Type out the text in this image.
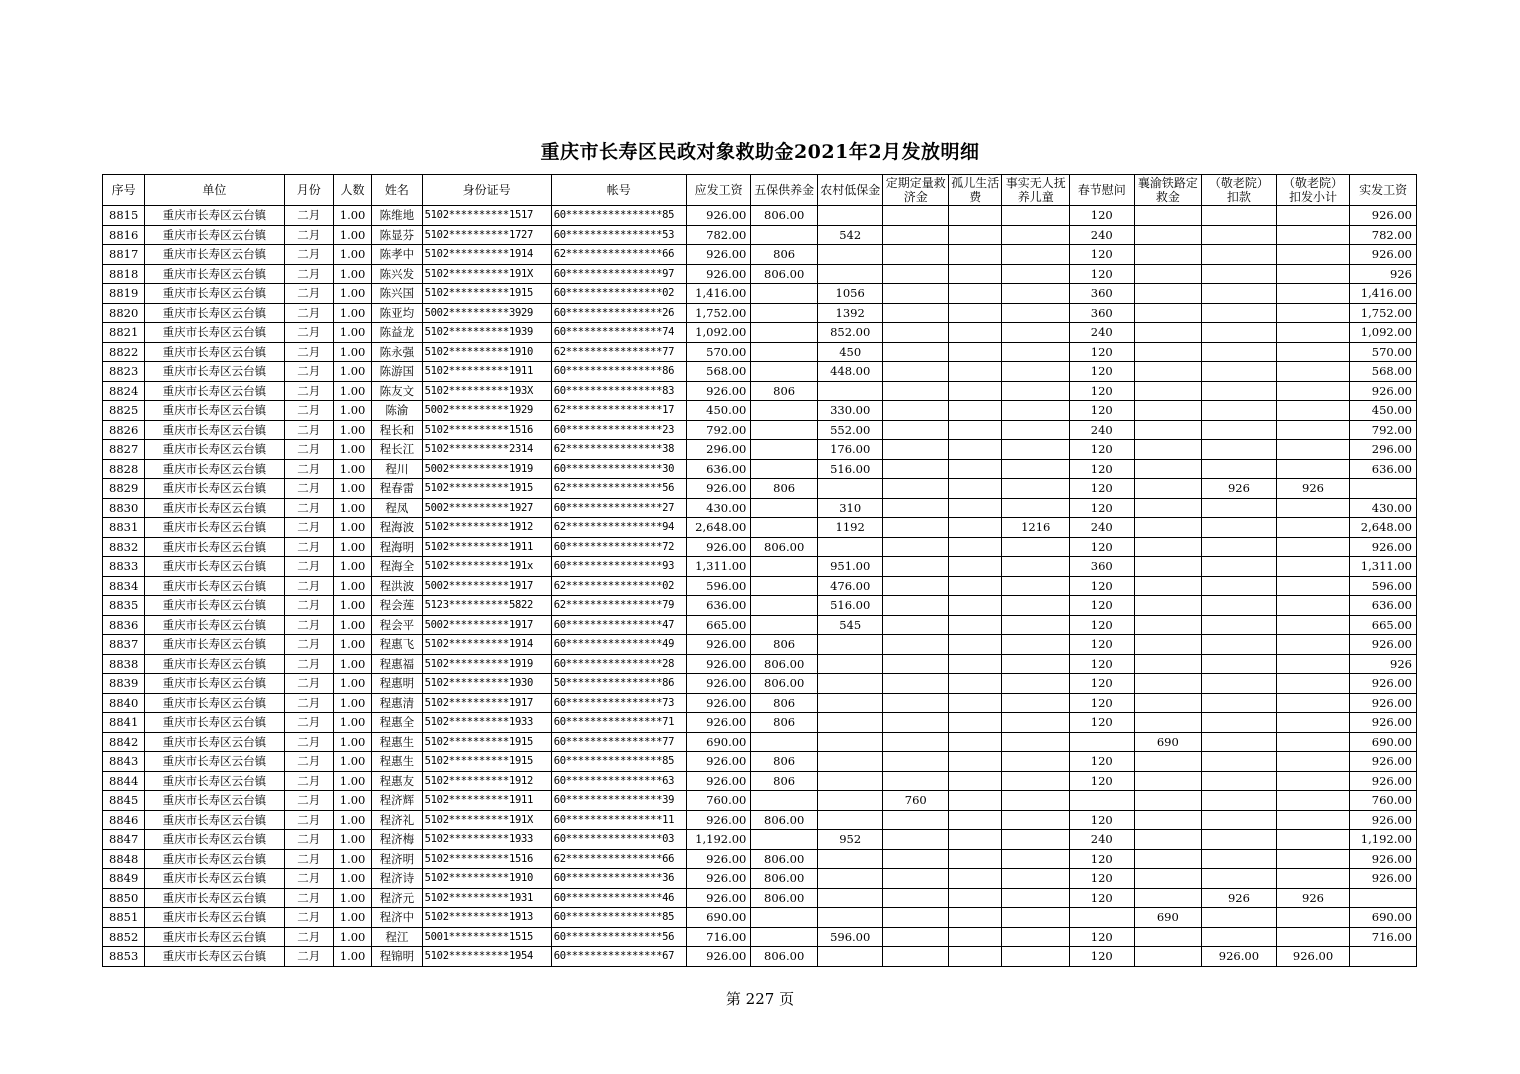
重庆市长寿区民政对象救助金2021年2月发放明细
序号	单位	月份	人数	姓名	身份证号	帐号	应发工资	五保供养金	农村低保金	定期定量救济金	孤儿生活费	事实无人抚养儿童	春节慰问	襄渝铁路定救金	（敬老院）扣款	（敬老院）扣发小计	实发工资
8815	重庆市长寿区云台镇	二月	1.00	陈维地	5102**********1517	60****************85	926.00	806.00					120				926.00
8816	重庆市长寿区云台镇	二月	1.00	陈显芬	5102**********1727	60****************53	782.00		542				240				782.00
8817	重庆市长寿区云台镇	二月	1.00	陈孝中	5102**********1914	62****************66	926.00	806					120				926.00
8818	重庆市长寿区云台镇	二月	1.00	陈兴发	5102**********191X	60****************97	926.00	806.00					120				926
8819	重庆市长寿区云台镇	二月	1.00	陈兴国	5102**********1915	60****************02	1,416.00		1056				360				1,416.00
8820	重庆市长寿区云台镇	二月	1.00	陈亚均	5002**********3929	60****************26	1,752.00		1392				360				1,752.00
8821	重庆市长寿区云台镇	二月	1.00	陈益龙	5102**********1939	60****************74	1,092.00		852.00				240				1,092.00
8822	重庆市长寿区云台镇	二月	1.00	陈永强	5102**********1910	62****************77	570.00		450				120				570.00
8823	重庆市长寿区云台镇	二月	1.00	陈游国	5102**********1911	60****************86	568.00		448.00				120				568.00
8824	重庆市长寿区云台镇	二月	1.00	陈友文	5102**********193X	60****************83	926.00	806					120				926.00
8825	重庆市长寿区云台镇	二月	1.00	陈渝	5002**********1929	62****************17	450.00		330.00				120				450.00
8826	重庆市长寿区云台镇	二月	1.00	程长和	5102**********1516	60****************23	792.00		552.00				240				792.00
8827	重庆市长寿区云台镇	二月	1.00	程长江	5102**********2314	62****************38	296.00		176.00				120				296.00
8828	重庆市长寿区云台镇	二月	1.00	程川	5002**********1919	60****************30	636.00		516.00				120				636.00
8829	重庆市长寿区云台镇	二月	1.00	程春雷	5102**********1915	62****************56	926.00	806					120		926	926	
8830	重庆市长寿区云台镇	二月	1.00	程凤	5002**********1927	60****************27	430.00		310				120				430.00
8831	重庆市长寿区云台镇	二月	1.00	程海波	5102**********1912	62****************94	2,648.00		1192			1216	240				2,648.00
8832	重庆市长寿区云台镇	二月	1.00	程海明	5102**********1911	60****************72	926.00	806.00					120				926.00
8833	重庆市长寿区云台镇	二月	1.00	程海全	5102**********191x	60****************93	1,311.00		951.00				360				1,311.00
8834	重庆市长寿区云台镇	二月	1.00	程洪波	5002**********1917	62****************02	596.00		476.00				120				596.00
8835	重庆市长寿区云台镇	二月	1.00	程会莲	5123**********5822	62****************79	636.00		516.00				120				636.00
8836	重庆市长寿区云台镇	二月	1.00	程会平	5002**********1917	60****************47	665.00		545				120				665.00
8837	重庆市长寿区云台镇	二月	1.00	程惠飞	5102**********1914	60****************49	926.00	806					120				926.00
8838	重庆市长寿区云台镇	二月	1.00	程惠福	5102**********1919	60****************28	926.00	806.00					120				926
8839	重庆市长寿区云台镇	二月	1.00	程惠明	5102**********1930	50****************86	926.00	806.00					120				926.00
8840	重庆市长寿区云台镇	二月	1.00	程惠清	5102**********1917	60****************73	926.00	806					120				926.00
8841	重庆市长寿区云台镇	二月	1.00	程惠全	5102**********1933	60****************71	926.00	806					120				926.00
8842	重庆市长寿区云台镇	二月	1.00	程惠生	5102**********1915	60****************77	690.00							690			690.00
8843	重庆市长寿区云台镇	二月	1.00	程惠生	5102**********1915	60****************85	926.00	806					120				926.00
8844	重庆市长寿区云台镇	二月	1.00	程惠友	5102**********1912	60****************63	926.00	806					120				926.00
8845	重庆市长寿区云台镇	二月	1.00	程济辉	5102**********1911	60****************39	760.00			760							760.00
8846	重庆市长寿区云台镇	二月	1.00	程济礼	5102**********191X	60****************11	926.00	806.00					120				926.00
8847	重庆市长寿区云台镇	二月	1.00	程济梅	5102**********1933	60****************03	1,192.00		952				240				1,192.00
8848	重庆市长寿区云台镇	二月	1.00	程济明	5102**********1516	62****************66	926.00	806.00					120				926.00
8849	重庆市长寿区云台镇	二月	1.00	程济诗	5102**********1910	60****************36	926.00	806.00					120				926.00
8850	重庆市长寿区云台镇	二月	1.00	程济元	5102**********1931	60****************46	926.00	806.00					120		926	926	
8851	重庆市长寿区云台镇	二月	1.00	程济中	5102**********1913	60****************85	690.00							690			690.00
8852	重庆市长寿区云台镇	二月	1.00	程江	5001**********1515	60****************56	716.00		596.00				120				716.00
8853	重庆市长寿区云台镇	二月	1.00	程锦明	5102**********1954	60****************67	926.00	806.00					120		926.00	926.00	
第 227 页
